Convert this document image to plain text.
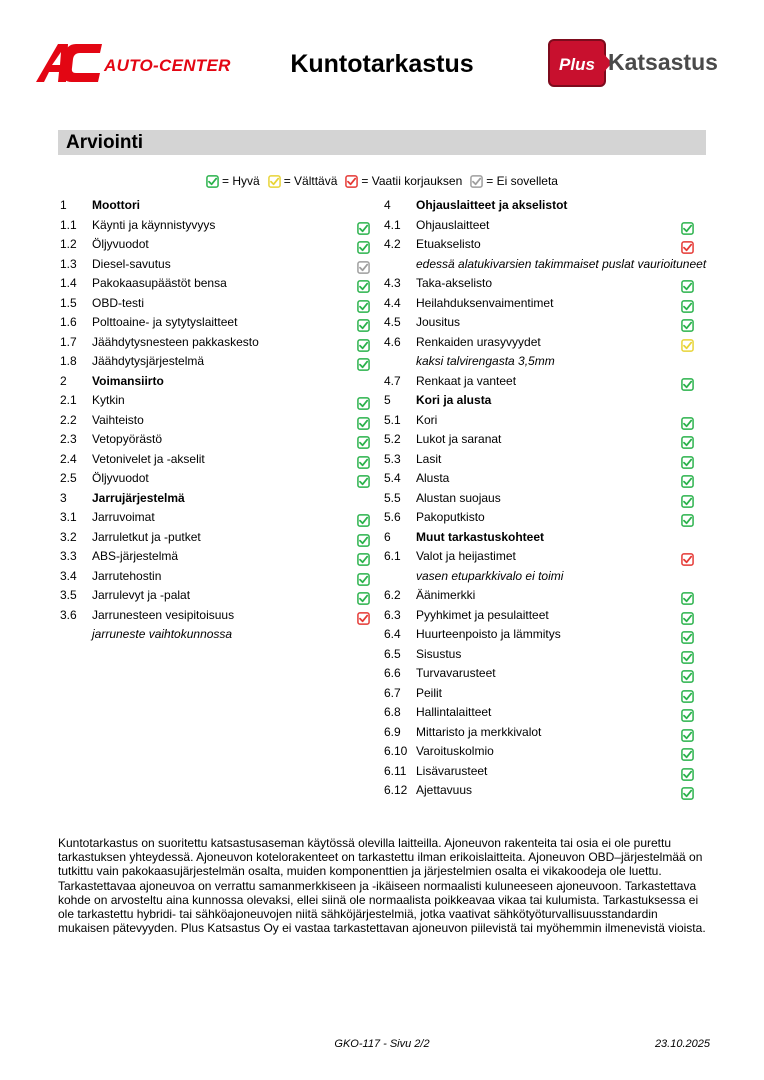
AUTO-CENTER	Kuntotarkastus	Plus Katsastus
Arviointi
= Hyvä = Välttävä = Vaatii korjauksen = Ei sovelleta
1 Moottori
1.1 Käynti ja käynnistyvyys
1.2 Öljyvuodot
1.3 Diesel-savutus
1.4 Pakokaasupäästöt bensa
1.5 OBD-testi
1.6 Polttoaine- ja sytytyslaitteet
1.7 Jäähdytysnesteen pakkaskesto
1.8 Jäähdytysjärjestelmä
2 Voimansiirto
2.1 Kytkin
2.2 Vaihteisto
2.3 Vetopyörästö
2.4 Vetonivelet ja -akselit
2.5 Öljyvuodot
3 Jarrujärjestelmä
3.1 Jarruvoimat
3.2 Jarruletkut ja -putket
3.3 ABS-järjestelmä
3.4 Jarrutehostin
3.5 Jarrulevyt ja -palat
3.6 Jarrunesteen vesipitoisuus
jarruneste vaihtokunnossa
4 Ohjauslaitteet ja akselistot
4.1 Ohjauslaitteet
4.2 Etuakselisto
edessä alatukivarsien takimmaiset puslat vaurioituneet
4.3 Taka-akselisto
4.4 Heilahduksenvaimentimet
4.5 Jousitus
4.6 Renkaiden urasyvyydet
kaksi talvirengasta 3,5mm
4.7 Renkaat ja vanteet
5 Kori ja alusta
5.1 Kori
5.2 Lukot ja saranat
5.3 Lasit
5.4 Alusta
5.5 Alustan suojaus
5.6 Pakoputkisto
6 Muut tarkastuskohteet
6.1 Valot ja heijastimet
vasen etuparkkivalo ei toimi
6.2 Äänimerkki
6.3 Pyyhkimet ja pesulaitteet
6.4 Huurteenpoisto ja lämmitys
6.5 Sisustus
6.6 Turvavarusteet
6.7 Peilit
6.8 Hallintalaitteet
6.9 Mittaristo ja merkkivalot
6.10 Varoituskolmio
6.11 Lisävarusteet
6.12 Ajettavuus
Kuntotarkastus on suoritettu katsastusaseman käytössä olevilla laitteilla. Ajoneuvon rakenteita tai osia ei ole purettu tarkastuksen yhteydessä. Ajoneuvon kotelorakenteet on tarkastettu ilman erikoislaitteita. Ajoneuvon OBD–järjestelmää on tutkittu vain pakokaasujärjestelmän osalta, muiden komponenttien ja järjestelmien osalta ei vikakoodeja ole luettu. Tarkastettavaa ajoneuvoa on verrattu samanmerkkiseen ja -ikäiseen normaalisti kuluneeseen ajoneuvoon. Tarkastettava kohde on arvosteltu aina kunnossa olevaksi, ellei siinä ole normaalista poikkeavaa vikaa tai kulumista. Tarkastuksessa ei ole tarkastettu hybridi- tai sähköajoneuvojen niitä sähköjärjestelmiä, jotka vaativat sähkötyöturvallisuusstandardin mukaisen pätevyyden. Plus Katsastus Oy ei vastaa tarkastettavan ajoneuvon piilevistä tai myöhemmin ilmenevistä vioista.
GKO-117 - Sivu 2/2	23.10.2025
